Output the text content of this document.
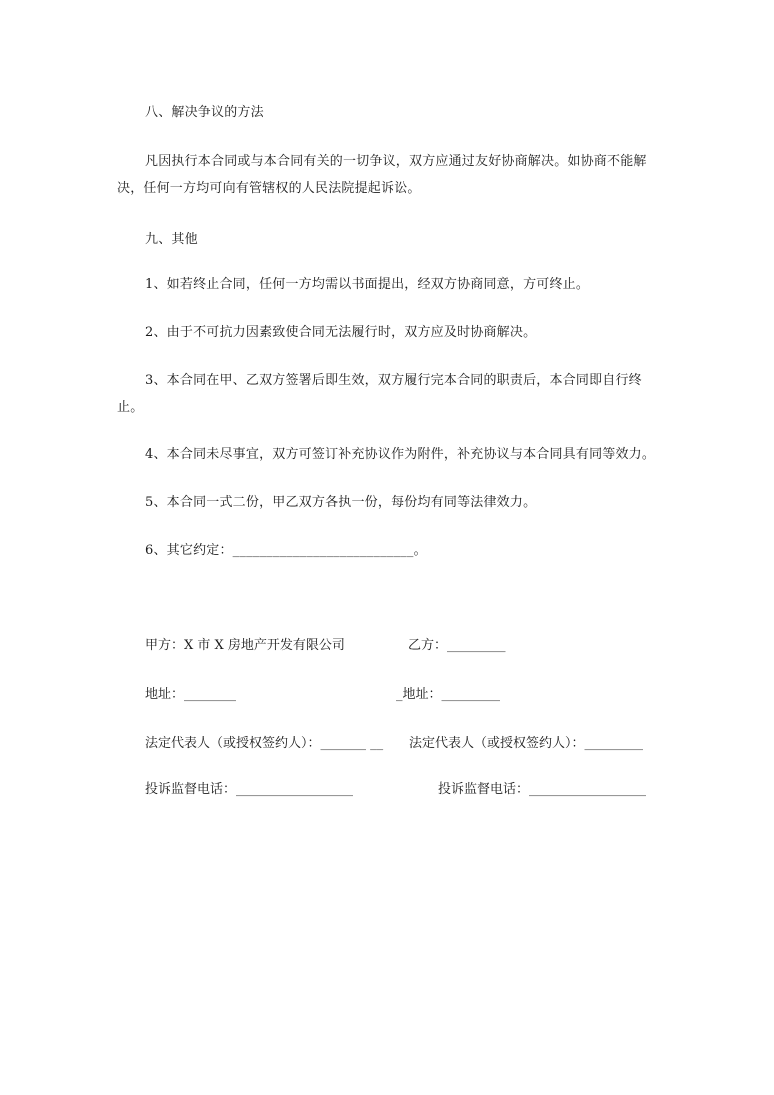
八、解决争议的方法
凡因执行本合同或与本合同有关的一切争议，双方应通过友好协商解决。如协商不能解
决，任何一方均可向有管辖权的人民法院提起诉讼。
九、其他
1、如若终止合同，任何一方均需以书面提出，经双方协商同意，方可终止。
2、由于不可抗力因素致使合同无法履行时，双方应及时协商解决。
3、本合同在甲、乙双方签署后即生效，双方履行完本合同的职责后，本合同即自行终
止。
4、本合同未尽事宜，双方可签订补充协议作为附件，补充协议与本合同具有同等效力。
5、本合同一式二份，甲乙双方各执一份，每份均有同等法律效力。
6、其它约定：___________________________。
甲方：X 市 X 房地产开发有限公司	乙方：_________
地址：________	_地址：_________
法定代表人（或授权签约人）：_______ __ 法定代表人（或授权签约人）：_________
投诉监督电话：__________________	投诉监督电话：__________________
